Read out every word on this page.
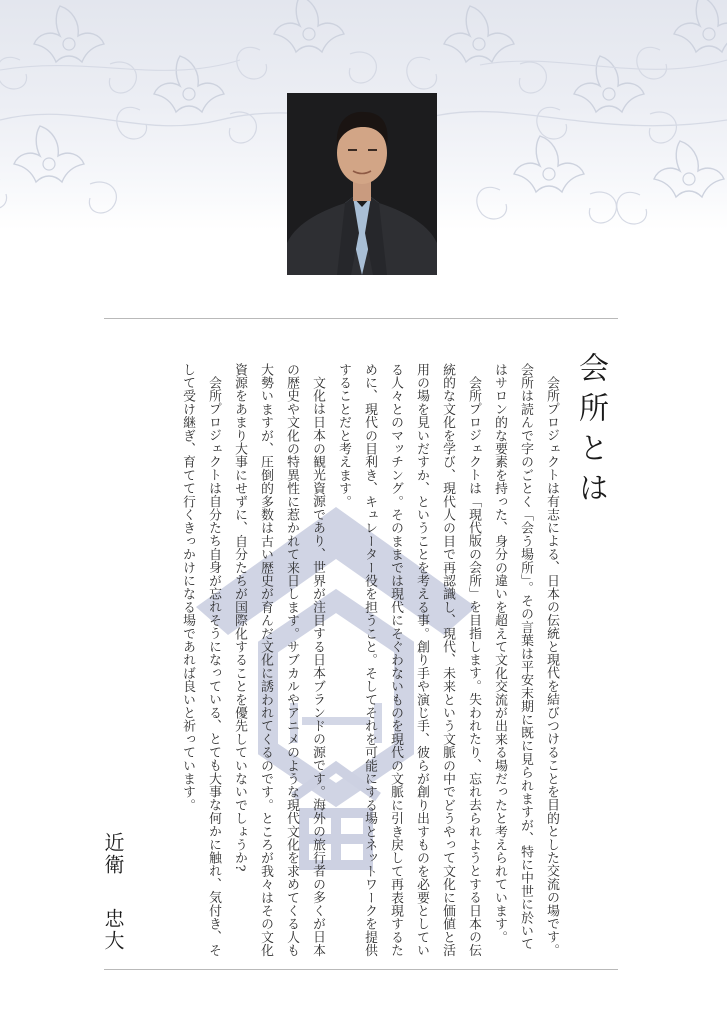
会所とは

会所プロジェクトは有志による、日本の伝統と現代を結びつけることを目的とした交流の場です。会所は読んで字のごとく「会う場所」。その言葉は平安末期に既に見られますが、特に中世に於いてはサロン的な要素を持った、身分の違いを超えて文化交流が出来る場だったと考えられています。

会所プロジェクトは「現代版の会所」を目指します。失われたり、忘れ去られようとする日本の伝統的な文化を学び、現代人の目で再認識し、現代、未来という文脈の中でどうやって文化に価値と活用の場を見いだすか、ということを考える事。創り手や演じ手、彼らが創り出すものを必要としている人々とのマッチング。そのままでは現代にそぐわないものを現代の文脈に引き戻して再表現するために、現代の目利き、キュレーター役を担うこと。そしてそれを可能にする場とネットワークを提供することだと考えます。

文化は日本の観光資源であり、世界が注目する日本ブランドの源です。海外の旅行者の多くが日本の歴史や文化の特異性に惹かれて来日します。サブカルやアニメのような現代文化を求めてくる人も大勢いますが、圧倒的多数は古い歴史が育んだ文化に誘われてくるのです。ところが我々はその文化資源をあまり大事にせずに、自分たちが国際化することを優先していないでしょうか?

会所プロジェクトは自分たち自身が忘れそうになっている、とても大事な何かに触れ、気付き、そして受け継ぎ、育てて行くきっかけになる場であれば良いと祈っています。

近衛忠大
